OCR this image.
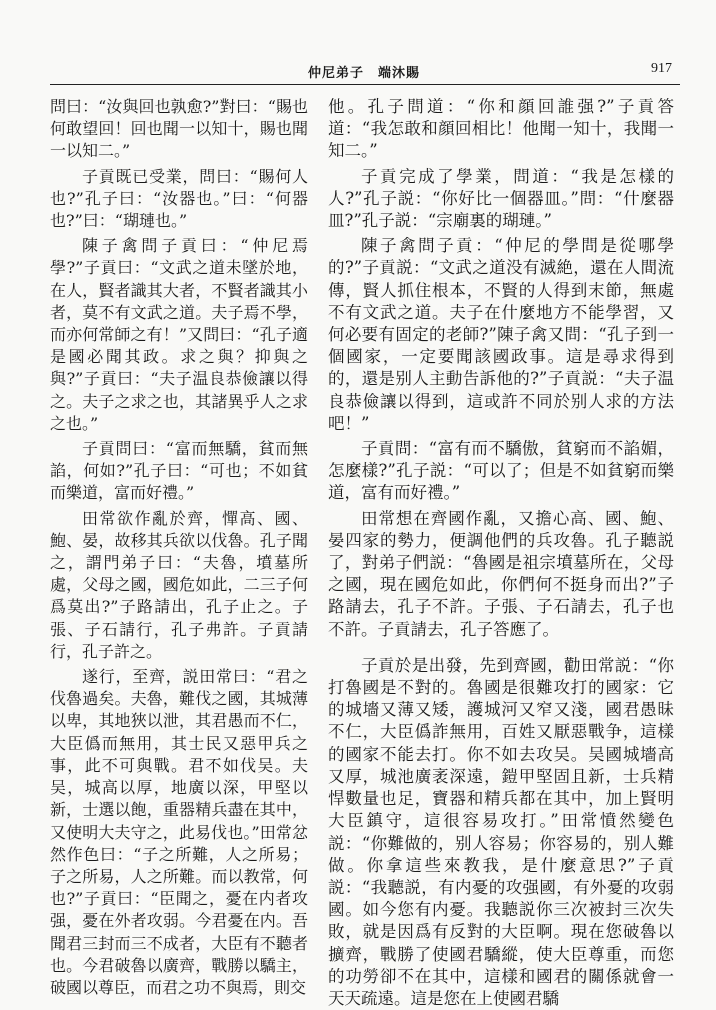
仲尼弟子　端沐賜	917

問曰：“汝與回也孰愈?”對曰：“賜也何敢望回！回也聞一以知十，賜也聞一以知二。”

子貢既已受業，問曰：“賜何人也?”孔子曰：“汝器也。”曰：“何器也?”曰：“瑚璉也。”

陳子禽問子貢曰：“仲尼焉學?”子貢曰：“文武之道未墜於地，在人，賢者識其大者，不賢者識其小者，莫不有文武之道。夫子焉不學，而亦何常師之有！”又問曰：“孔子適是國必聞其政。求之與？抑與之與?”子貢曰：“夫子温良恭儉讓以得之。夫子之求之也，其諸異乎人之求之也。”

子貢問曰：“富而無驕，貧而無諂，何如?”孔子曰：“可也；不如貧而樂道，富而好禮。”

田常欲作亂於齊，憚高、國、鮑、晏，故移其兵欲以伐魯。孔子聞之，謂門弟子曰：“夫魯，墳墓所處，父母之國，國危如此，二三子何爲莫出?”子路請出，孔子止之。子張、子石請行，孔子弗許。子貢請行，孔子許之。

遂行，至齊，説田常曰：“君之伐魯過矣。夫魯，難伐之國，其城薄以卑，其地狹以泄，其君愚而不仁，大臣僞而無用，其士民又惡甲兵之事，此不可與戰。君不如伐吴。夫吴，城高以厚，地廣以深，甲堅以新，士選以飽，重器精兵盡在其中，又使明大夫守之，此易伐也。”田常忿然作色曰：“子之所難，人之所易；子之所易，人之所難。而以教常，何也?”子貢曰：“臣聞之，憂在内者攻强，憂在外者攻弱。今君憂在内。吾聞君三封而三不成者，大臣有不聽者也。今君破魯以廣齊，戰勝以驕主，破國以尊臣，而君之功不與焉，則交

他。孔子問道：“你和顔回誰强?”子貢答道：“我怎敢和顔回相比！他聞一知十，我聞一知二。”

子貢完成了學業，問道：“我是怎樣的人?”孔子説：“你好比一個器皿。”問：“什麼器皿?”孔子説：“宗廟裏的瑚璉。”

陳子禽問子貢：“仲尼的學問是從哪學的?”子貢説：“文武之道没有滅絶，還在人間流傳，賢人抓住根本，不賢的人得到末節，無處不有文武之道。夫子在什麼地方不能學習，又何必要有固定的老師?”陳子禽又問：“孔子到一個國家，一定要聞該國政事。這是尋求得到的，還是别人主動告訴他的?”子貢説：“夫子温良恭儉讓以得到，這或許不同於别人求的方法吧！”

子貢問：“富有而不驕傲，貧窮而不諂媚，怎麼樣?”孔子説：“可以了；但是不如貧窮而樂道，富有而好禮。”

田常想在齊國作亂，又擔心高、國、鮑、晏四家的勢力，便調他們的兵攻魯。孔子聽説了，對弟子們説：“魯國是祖宗墳墓所在，父母之國，現在國危如此，你們何不挺身而出?”子路請去，孔子不許。子張、子石請去，孔子也不許。子貢請去，孔子答應了。

子貢於是出發，先到齊國，勸田常説：“你打魯國是不對的。魯國是很難攻打的國家：它的城墻又薄又矮，護城河又窄又淺，國君愚昧不仁，大臣僞詐無用，百姓又厭惡戰争，這樣的國家不能去打。你不如去攻吴。吴國城墻高又厚，城池廣袤深遠，鎧甲堅固且新，士兵精悍數量也足，寶器和精兵都在其中，加上賢明大臣鎮守，這很容易攻打。”田常憤然變色説：“你難做的，别人容易；你容易的，别人難做。你拿這些來教我，是什麼意思?”子貢説：“我聽説，有内憂的攻强國，有外憂的攻弱國。如今您有内憂。我聽説你三次被封三次失敗，就是因爲有反對的大臣啊。現在您破魯以擴齊，戰勝了使國君驕縱，使大臣尊重，而您的功勞卻不在其中，這樣和國君的關係就會一天天疏遠。這是您在上使國君驕
